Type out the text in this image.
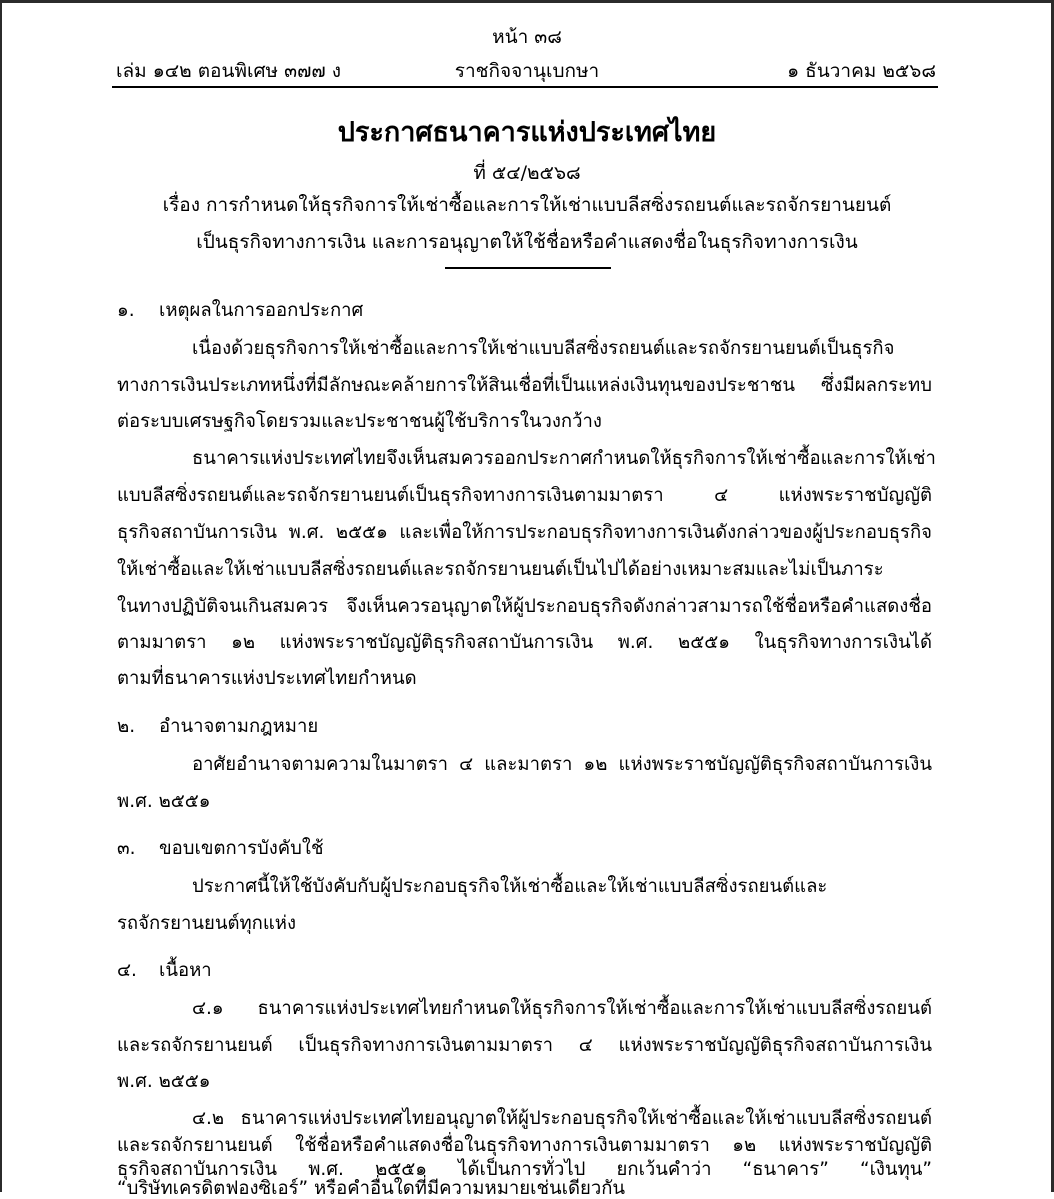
หน้า ๓๘
เล่ม ๑๔๒ ตอนพิเศษ ๓๗๗ ง	ราชกิจจานุเบกษา	๑ ธันวาคม ๒๕๖๘
ประกาศธนาคารแห่งประเทศไทย
ที่ ๕๔/๒๕๖๘
เรื่อง การกำหนดให้ธุรกิจการให้เช่าซื้อและการให้เช่าแบบลีสซิ่งรถยนต์และรถจักรยานยนต์
เป็นธุรกิจทางการเงิน และการอนุญาตให้ใช้ชื่อหรือคำแสดงชื่อในธุรกิจทางการเงิน
๑. เหตุผลในการออกประกาศ
เนื่องด้วยธุรกิจการให้เช่าซื้อและการให้เช่าแบบลีสซิ่งรถยนต์และรถจักรยานยนต์เป็นธุรกิจ
ทางการเงินประเภทหนึ่งที่มีลักษณะคล้ายการให้สินเชื่อที่เป็นแหล่งเงินทุนของประชาชน ซึ่งมีผลกระทบ
ต่อระบบเศรษฐกิจโดยรวมและประชาชนผู้ใช้บริการในวงกว้าง
ธนาคารแห่งประเทศไทยจึงเห็นสมควรออกประกาศกำหนดให้ธุรกิจการให้เช่าซื้อและการให้เช่า
แบบลีสซิ่งรถยนต์และรถจักรยานยนต์เป็นธุรกิจทางการเงินตามมาตรา ๔ แห่งพระราชบัญญัติ
ธุรกิจสถาบันการเงิน พ.ศ. ๒๕๕๑ และเพื่อให้การประกอบธุรกิจทางการเงินดังกล่าวของผู้ประกอบธุรกิจ
ให้เช่าซื้อและให้เช่าแบบลีสซิ่งรถยนต์และรถจักรยานยนต์เป็นไปได้อย่างเหมาะสมและไม่เป็นภาระ
ในทางปฏิบัติจนเกินสมควร จึงเห็นควรอนุญาตให้ผู้ประกอบธุรกิจดังกล่าวสามารถใช้ชื่อหรือคำแสดงชื่อ
ตามมาตรา ๑๒ แห่งพระราชบัญญัติธุรกิจสถาบันการเงิน พ.ศ. ๒๕๕๑ ในธุรกิจทางการเงินได้
ตามที่ธนาคารแห่งประเทศไทยกำหนด
๒. อำนาจตามกฎหมาย
อาศัยอำนาจตามความในมาตรา ๔ และมาตรา ๑๒ แห่งพระราชบัญญัติธุรกิจสถาบันการเงิน
พ.ศ. ๒๕๕๑
๓. ขอบเขตการบังคับใช้
ประกาศนี้ให้ใช้บังคับกับผู้ประกอบธุรกิจให้เช่าซื้อและให้เช่าแบบลีสซิ่งรถยนต์และ
รถจักรยานยนต์ทุกแห่ง
๔. เนื้อหา
๔.๑ ธนาคารแห่งประเทศไทยกำหนดให้ธุรกิจการให้เช่าซื้อและการให้เช่าแบบลีสซิ่งรถยนต์
และรถจักรยานยนต์ เป็นธุรกิจทางการเงินตามมาตรา ๔ แห่งพระราชบัญญัติธุรกิจสถาบันการเงิน
พ.ศ. ๒๕๕๑
๔.๒ ธนาคารแห่งประเทศไทยอนุญาตให้ผู้ประกอบธุรกิจให้เช่าซื้อและให้เช่าแบบลีสซิ่งรถยนต์
และรถจักรยานยนต์ ใช้ชื่อหรือคำแสดงชื่อในธุรกิจทางการเงินตามมาตรา ๑๒ แห่งพระราชบัญญัติ
ธุรกิจสถาบันการเงิน พ.ศ. ๒๕๕๑ ได้เป็นการทั่วไป ยกเว้นคำว่า “ธนาคาร” “เงินทุน”
“บริษัทเครดิตฟองซิเอร์” หรือคำอื่นใดที่มีความหมายเช่นเดียวกัน
